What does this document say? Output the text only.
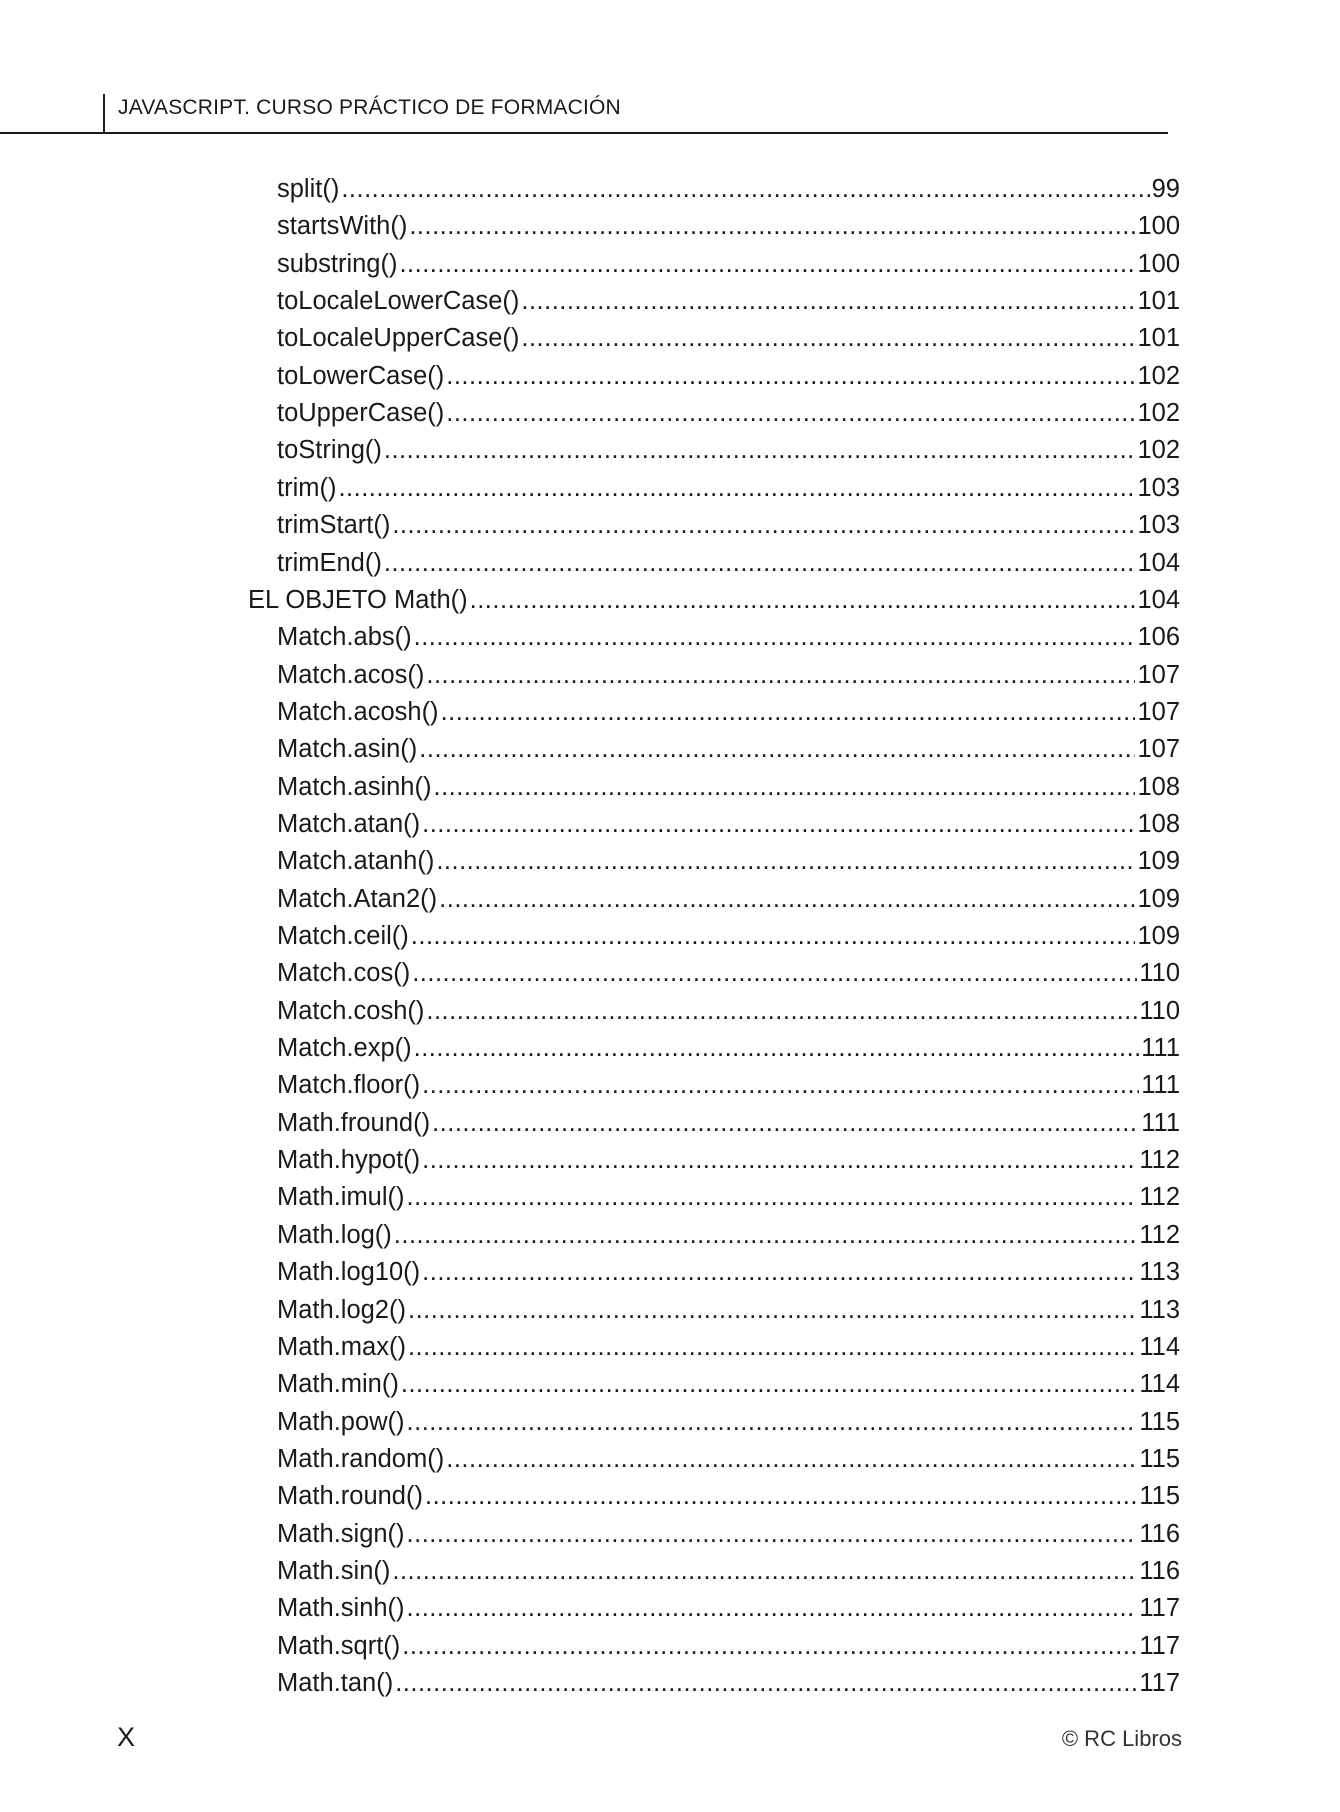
JAVASCRIPT. CURSO PRÁCTICO DE FORMACIÓN
split() .....	99
startsWith() .....	100
substring() .....	100
toLocaleLowerCase() .....	101
toLocaleUpperCase() .....	101
toLowerCase() .....	102
toUpperCase() .....	102
toString() .....	102
trim() .....	103
trimStart() .....	103
trimEnd() .....	104
EL OBJETO Math() .....	104
Match.abs() .....	106
Match.acos() .....	107
Match.acosh() .....	107
Match.asin() .....	107
Match.asinh() .....	108
Match.atan() .....	108
Match.atanh() .....	109
Match.Atan2() .....	109
Match.ceil() .....	109
Match.cos() .....	110
Match.cosh() .....	110
Match.exp() .....	111
Match.floor() .....	111
Math.fround() .....	111
Math.hypot() .....	112
Math.imul() .....	112
Math.log() .....	112
Math.log10() .....	113
Math.log2() .....	113
Math.max() .....	114
Math.min() .....	114
Math.pow() .....	115
Math.random() .....	115
Math.round() .....	115
Math.sign() .....	116
Math.sin() .....	116
Math.sinh() .....	117
Math.sqrt() .....	117
Math.tan() .....	117
X	© RC Libros
